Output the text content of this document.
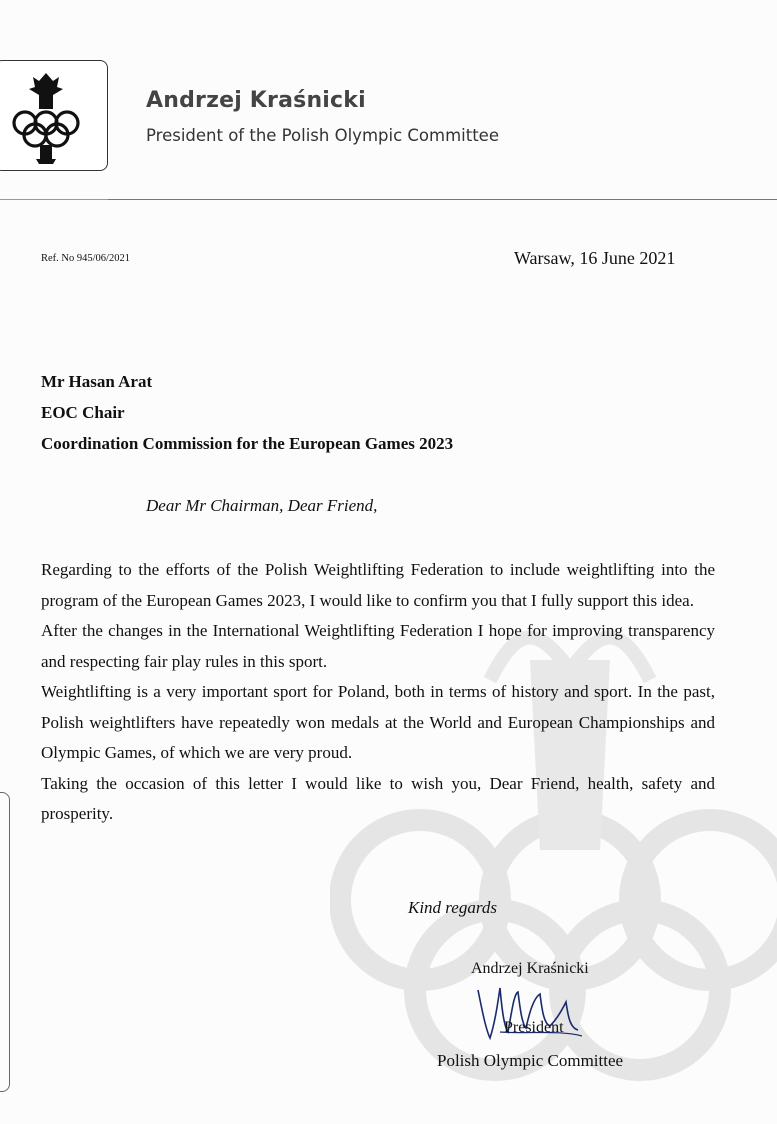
Andrzej Kraśnicki
President of the Polish Olympic Committee
Ref. No 945/06/2021	Warsaw, 16 June 2021
Mr Hasan Arat
EOC Chair
Coordination Commission for the European Games 2023
Dear Mr Chairman, Dear Friend,

Regarding to the efforts of the Polish Weightlifting Federation to include weightlifting into the program of the European Games 2023, I would like to confirm you that I fully support this idea.

After the changes in the International Weightlifting Federation I hope for improving transparency and respecting fair play rules in this sport.

Weightlifting is a very important sport for Poland, both in terms of history and sport. In the past, Polish weightlifters have repeatedly won medals at the World and European Championships and Olympic Games, of which we are very proud.

Taking the occasion of this letter I would like to wish you, Dear Friend, health, safety and prosperity.

Kind regards
Andrzej Kraśnicki
President
Polish Olympic Committee
